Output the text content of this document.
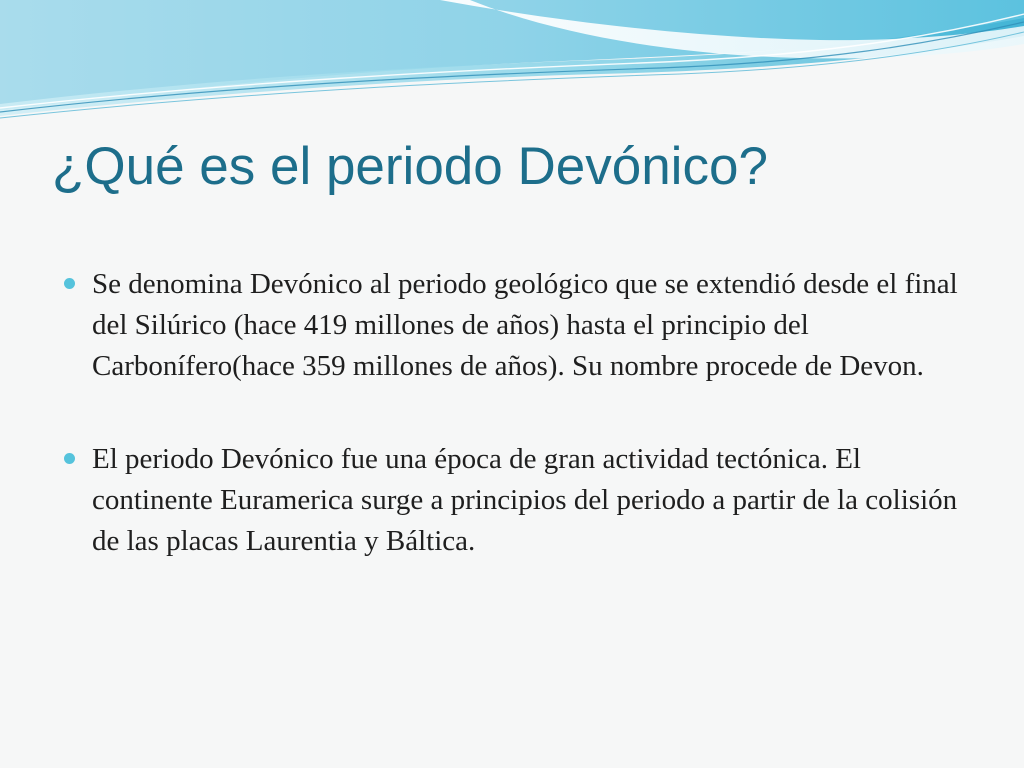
¿Qué es el periodo Devónico?

Se denomina Devónico al periodo geológico que se extendió desde el final del Silúrico (hace 419 millones de años) hasta el principio del Carbonífero(hace 359 millones de años). Su nombre procede de Devon.

El periodo Devónico fue una época de gran actividad tectónica. El continente Euramerica surge a principios del periodo a partir de la colisión de las placas Laurentia y Báltica.
